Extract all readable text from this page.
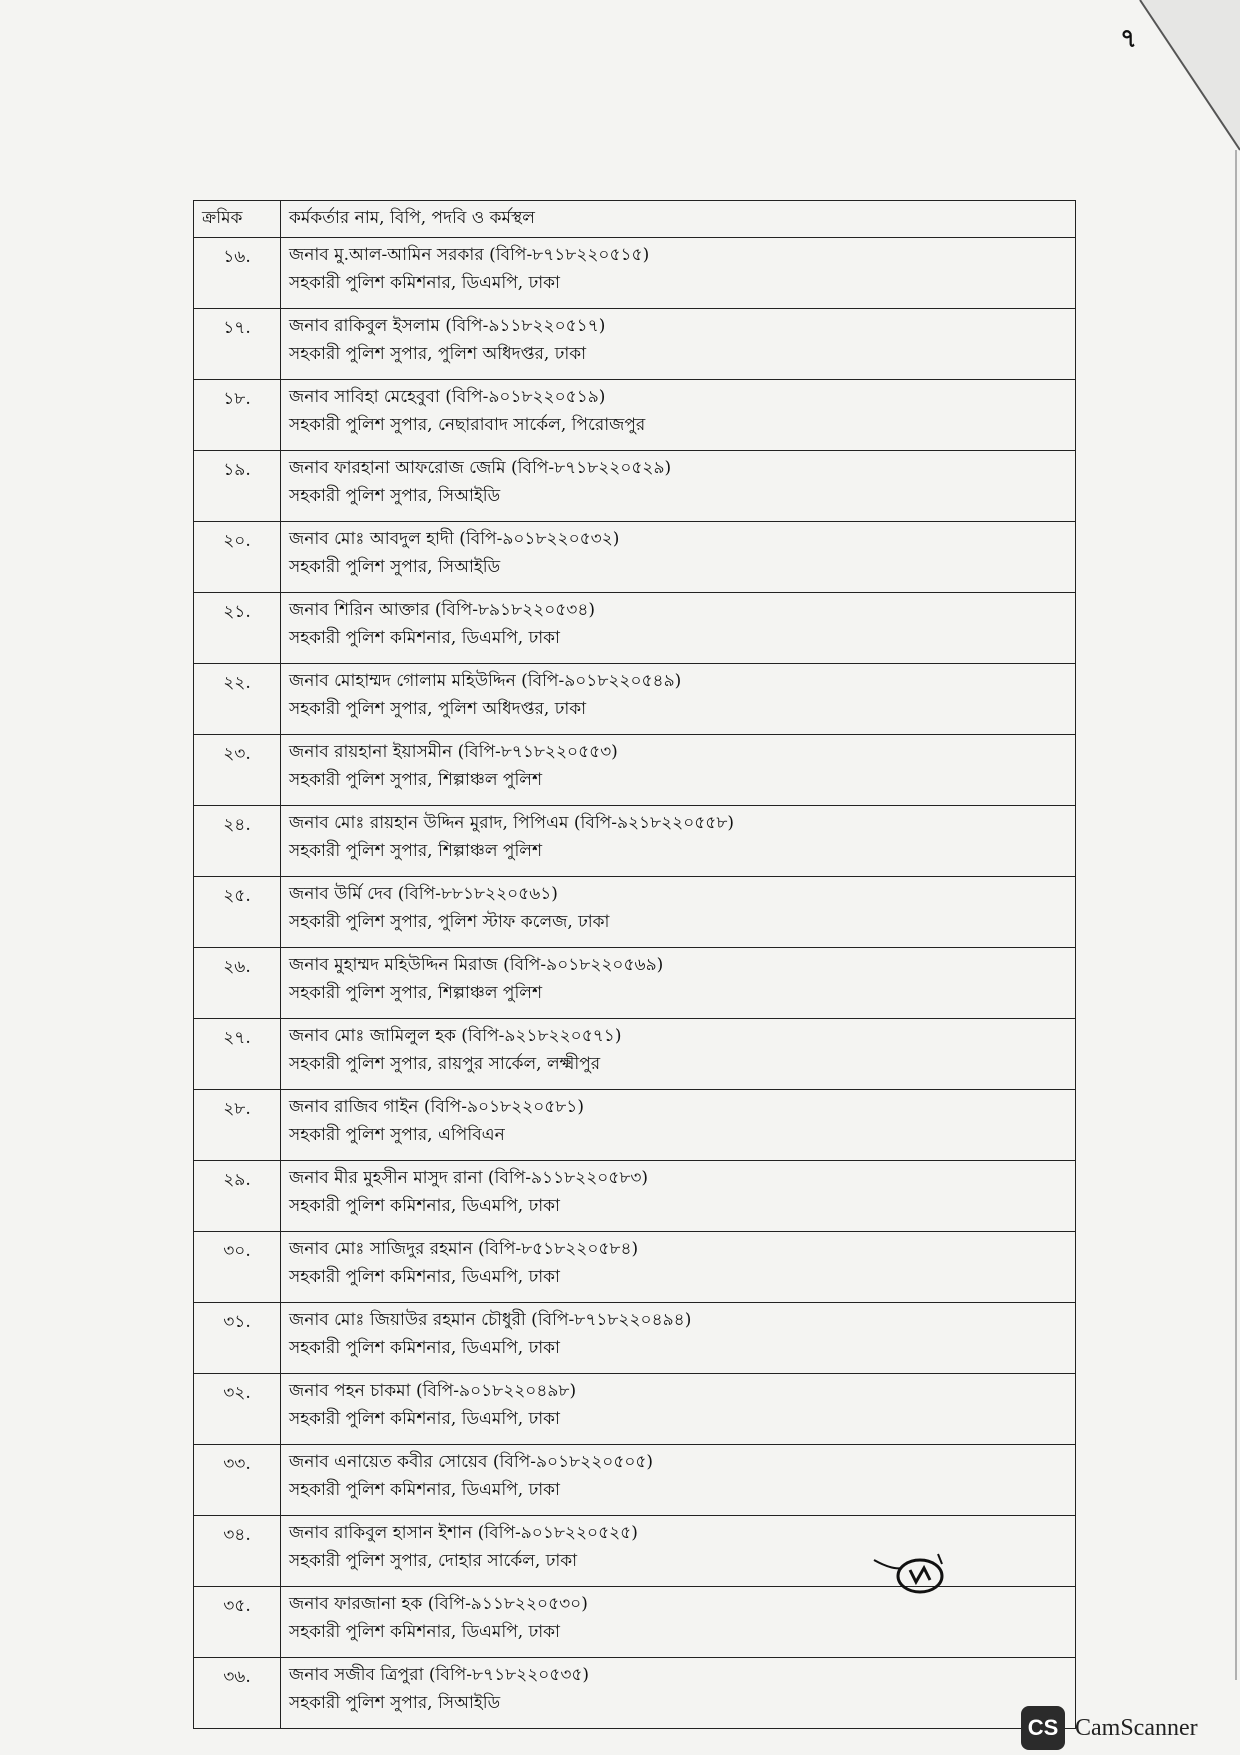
৭
ক্রমিক	কর্মকর্তার নাম, বিপি, পদবি ও কর্মস্থল
১৬.	জনাব মু.আল-আমিন সরকার (বিপি-৮৭১৮২২০৫১৫)
সহকারী পুলিশ কমিশনার, ডিএমপি, ঢাকা

১৭.	জনাব রাকিবুল ইসলাম (বিপি-৯১১৮২২০৫১৭)
সহকারী পুলিশ সুপার, পুলিশ অধিদপ্তর, ঢাকা

১৮.	জনাব সাবিহা মেহেবুবা (বিপি-৯০১৮২২০৫১৯)
সহকারী পুলিশ সুপার, নেছারাবাদ সার্কেল, পিরোজপুর

১৯.	জনাব ফারহানা আফরোজ জেমি (বিপি-৮৭১৮২২০৫২৯)
সহকারী পুলিশ সুপার, সিআইডি

২০.	জনাব মোঃ আবদুল হাদী (বিপি-৯০১৮২২০৫৩২)
সহকারী পুলিশ সুপার, সিআইডি

২১.	জনাব শিরিন আক্তার (বিপি-৮৯১৮২২০৫৩৪)
সহকারী পুলিশ কমিশনার, ডিএমপি, ঢাকা

২২.	জনাব মোহাম্মদ গোলাম মহিউদ্দিন (বিপি-৯০১৮২২০৫৪৯)
সহকারী পুলিশ সুপার, পুলিশ অধিদপ্তর, ঢাকা

২৩.	জনাব রায়হানা ইয়াসমীন (বিপি-৮৭১৮২২০৫৫৩)
সহকারী পুলিশ সুপার, শিল্পাঞ্চল পুলিশ

২৪.	জনাব মোঃ রায়হান উদ্দিন মুরাদ, পিপিএম (বিপি-৯২১৮২২০৫৫৮)
সহকারী পুলিশ সুপার, শিল্পাঞ্চল পুলিশ

২৫.	জনাব উর্মি দেব (বিপি-৮৮১৮২২০৫৬১)
সহকারী পুলিশ সুপার, পুলিশ স্টাফ কলেজ, ঢাকা

২৬.	জনাব মুহাম্মদ মহিউদ্দিন মিরাজ (বিপি-৯০১৮২২০৫৬৯)
সহকারী পুলিশ সুপার, শিল্পাঞ্চল পুলিশ

২৭.	জনাব মোঃ জামিলুল হক (বিপি-৯২১৮২২০৫৭১)
সহকারী পুলিশ সুপার, রায়পুর সার্কেল, লক্ষ্মীপুর

২৮.	জনাব রাজিব গাইন (বিপি-৯০১৮২২০৫৮১)
সহকারী পুলিশ সুপার, এপিবিএন

২৯.	জনাব মীর মুহসীন মাসুদ রানা (বিপি-৯১১৮২২০৫৮৩)
সহকারী পুলিশ কমিশনার, ডিএমপি, ঢাকা

৩০.	জনাব মোঃ সাজিদুর রহমান (বিপি-৮৫১৮২২০৫৮৪)
সহকারী পুলিশ কমিশনার, ডিএমপি, ঢাকা

৩১.	জনাব মোঃ জিয়াউর রহমান চৌধুরী (বিপি-৮৭১৮২২০৪৯৪)
সহকারী পুলিশ কমিশনার, ডিএমপি, ঢাকা

৩২.	জনাব পহন চাকমা (বিপি-৯০১৮২২০৪৯৮)
সহকারী পুলিশ কমিশনার, ডিএমপি, ঢাকা

৩৩.	জনাব এনায়েত কবীর সোয়েব (বিপি-৯০১৮২২০৫০৫)
সহকারী পুলিশ কমিশনার, ডিএমপি, ঢাকা

৩৪.	জনাব রাকিবুল হাসান ইশান (বিপি-৯০১৮২২০৫২৫)
সহকারী পুলিশ সুপার, দোহার সার্কেল, ঢাকা

৩৫.	জনাব ফারজানা হক (বিপি-৯১১৮২২০৫৩০)
সহকারী পুলিশ কমিশনার, ডিএমপি, ঢাকা

৩৬.	জনাব সজীব ত্রিপুরা (বিপি-৮৭১৮২২০৫৩৫)
সহকারী পুলিশ সুপার, সিআইডি
CS CamScanner
